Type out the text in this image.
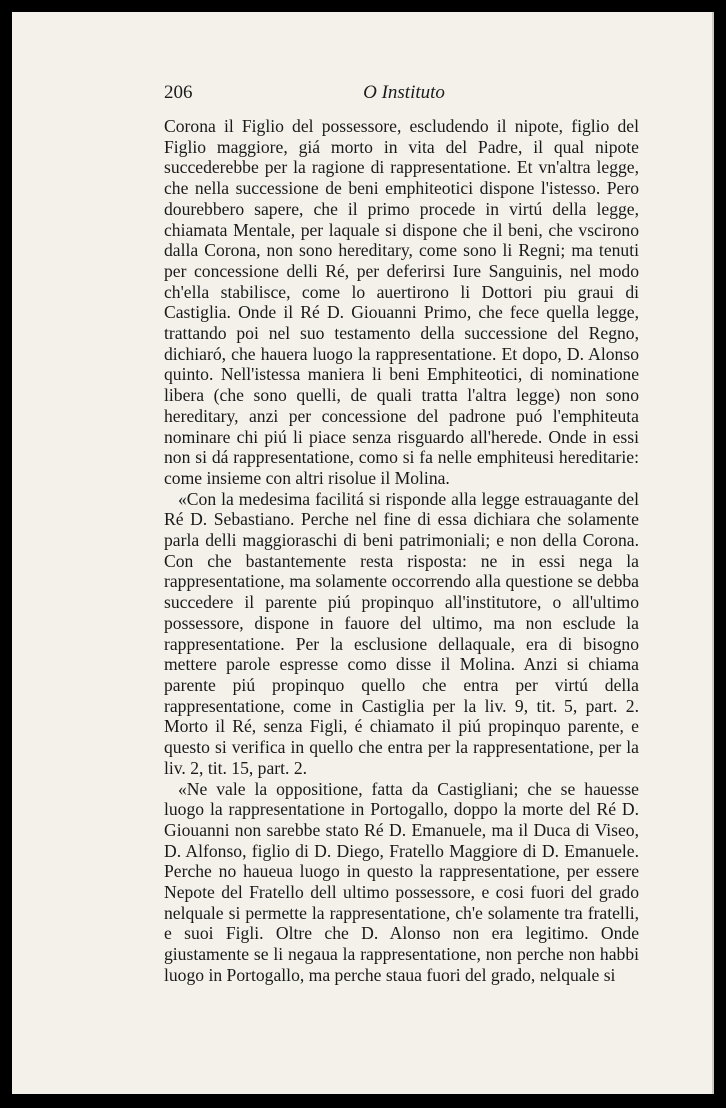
206	O Instituto

Corona il Figlio del possessore, escludendo il nipote, figlio del Figlio maggiore, giá morto in vita del Padre, il qual nipote succederebbe per la ragione di rappresentatione. Et vn'altra legge, che nella successione de beni emphiteotici dispone l'istesso. Pero dourebbero sapere, che il primo procede in virtú della legge, chiamata Mentale, per laquale si dispone che il beni, che vscirono dalla Corona, non sono hereditary, come sono li Regni; ma tenuti per concessione delli Ré, per deferirsi Iure Sanguinis, nel modo ch'ella stabilisce, come lo auertirono li Dottori piu graui di Castiglia. Onde il Ré D. Giouanni Primo, che fece quella legge, trattando poi nel suo testamento della successione del Regno, dichiaró, che hauera luogo la rappresentatione. Et dopo, D. Alonso quinto. Nell'istessa maniera li beni Emphiteotici, di nominatione libera (che sono quelli, de quali tratta l'altra legge) non sono hereditary, anzi per concessione del padrone puó l'emphiteuta nominare chi piú li piace senza risguardo all'herede. Onde in essi non si dá rappresentatione, como si fa nelle emphiteusi hereditarie: come insieme con altri risolue il Molina.

«Con la medesima facilitá si risponde alla legge estrauagante del Ré D. Sebastiano. Perche nel fine di essa dichiara che solamente parla delli maggioraschi di beni patrimoniali; e non della Corona. Con che bastantemente resta risposta: ne in essi nega la rappresentatione, ma solamente occorrendo alla questione se debba succedere il parente piú propinquo all'institutore, o all'ultimo possessore, dispone in fauore del ultimo, ma non esclude la rappresentatione. Per la esclusione dellaquale, era di bisogno mettere parole espresse como disse il Molina. Anzi si chiama parente piú propinquo quello che entra per virtú della rappresentatione, come in Castiglia per la liv. 9, tit. 5, part. 2. Morto il Ré, senza Figli, é chiamato il piú propinquo parente, e questo si verifica in quello che entra per la rappresentatione, per la liv. 2, tit. 15, part. 2.

«Ne vale la oppositione, fatta da Castigliani; che se hauesse luogo la rappresentatione in Portogallo, doppo la morte del Ré D. Giouanni non sarebbe stato Ré D. Emanuele, ma il Duca di Viseo, D. Alfonso, figlio di D. Diego, Fratello Maggiore di D. Emanuele. Perche no haueua luogo in questo la rappresentatione, per essere Nepote del Fratello dell ultimo possessore, e cosi fuori del grado nelquale si permette la rappresentatione, ch'e solamente tra fratelli, e suoi Figli. Oltre che D. Alonso non era legitimo. Onde giustamente se li negaua la rappresentatione, non perche non habbi luogo in Portogallo, ma perche staua fuori del grado, nelquale si
